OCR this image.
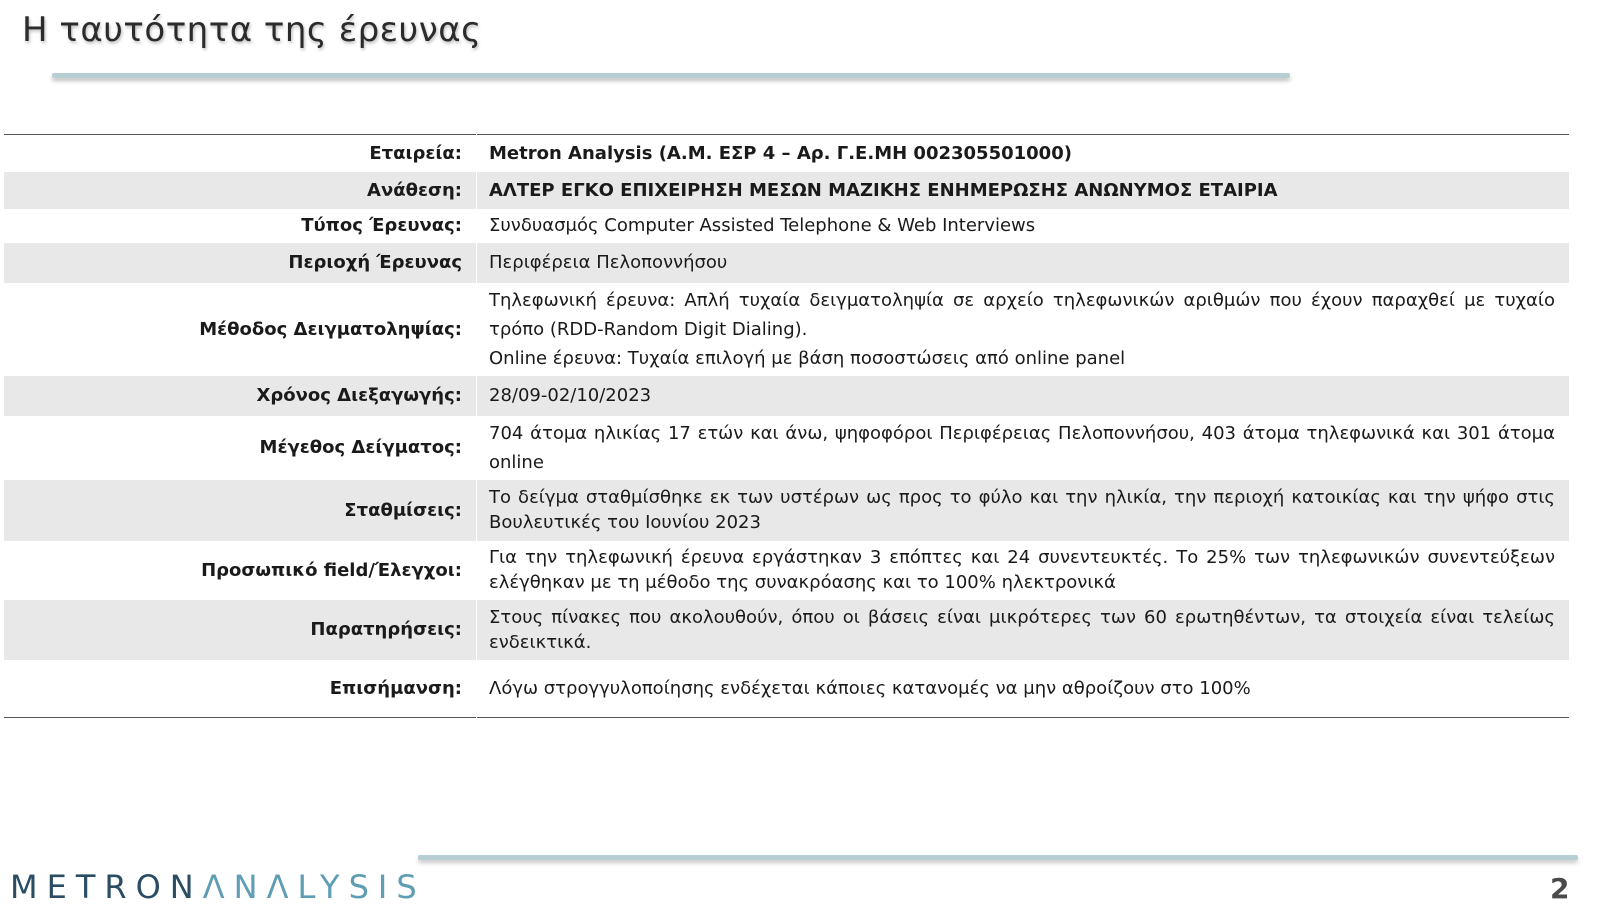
Η ταυτότητα της έρευνας
Εταιρεία:	Metron Analysis (Α.Μ. ΕΣΡ 4 – Αρ. Γ.Ε.ΜΗ 002305501000)

Ανάθεση:	ΑΛΤΕΡ ΕΓΚΟ ΕΠΙΧΕΙΡΗΣΗ ΜΕΣΩΝ ΜΑΖΙΚΗΣ ΕΝΗΜΕΡΩΣΗΣ ΑΝΩΝΥΜΟΣ ΕΤΑΙΡΙΑ

Τύπος Έρευνας:	Συνδυασμός Computer Assisted Telephone & Web Interviews

Περιοχή Έρευνας	Περιφέρεια Πελοποννήσου

Μέθοδος Δειγματοληψίας:	Τηλεφωνική έρευνα: Απλή τυχαία δειγματοληψία σε αρχείο τηλεφωνικών αριθμών που έχουν παραχθεί με τυχαίο τρόπο (RDD-Random Digit Dialing).
Online έρευνα: Τυχαία επιλογή με βάση ποσοστώσεις από online panel

Χρόνος Διεξαγωγής:	28/09-02/10/2023

Μέγεθος Δείγματος:	704 άτομα ηλικίας 17 ετών και άνω, ψηφοφόροι Περιφέρειας Πελοποννήσου, 403 άτομα τηλεφωνικά και 301 άτομα online

Σταθμίσεις:	Το δείγμα σταθμίσθηκε εκ των υστέρων ως προς το φύλο και την ηλικία, την περιοχή κατοικίας και την ψήφο στις Βουλευτικές του Ιουνίου 2023

Προσωπικό field/Έλεγχοι:	Για την τηλεφωνική έρευνα εργάστηκαν 3 επόπτες και 24 συνεντευκτές. Το 25% των τηλεφωνικών συνεντεύξεων ελέγθηκαν με τη μέθοδο της συνακρόασης και το 100% ηλεκτρονικά

Παρατηρήσεις:	Στους πίνακες που ακολουθούν, όπου οι βάσεις είναι μικρότερες των 60 ερωτηθέντων, τα στοιχεία είναι τελείως ενδεικτικά.

Επισήμανση:	Λόγω στρογγυλοποίησης ενδέχεται κάποιες κατανομές να μην αθροίζουν στο 100%
METRONΛNΛLYSIS	2
